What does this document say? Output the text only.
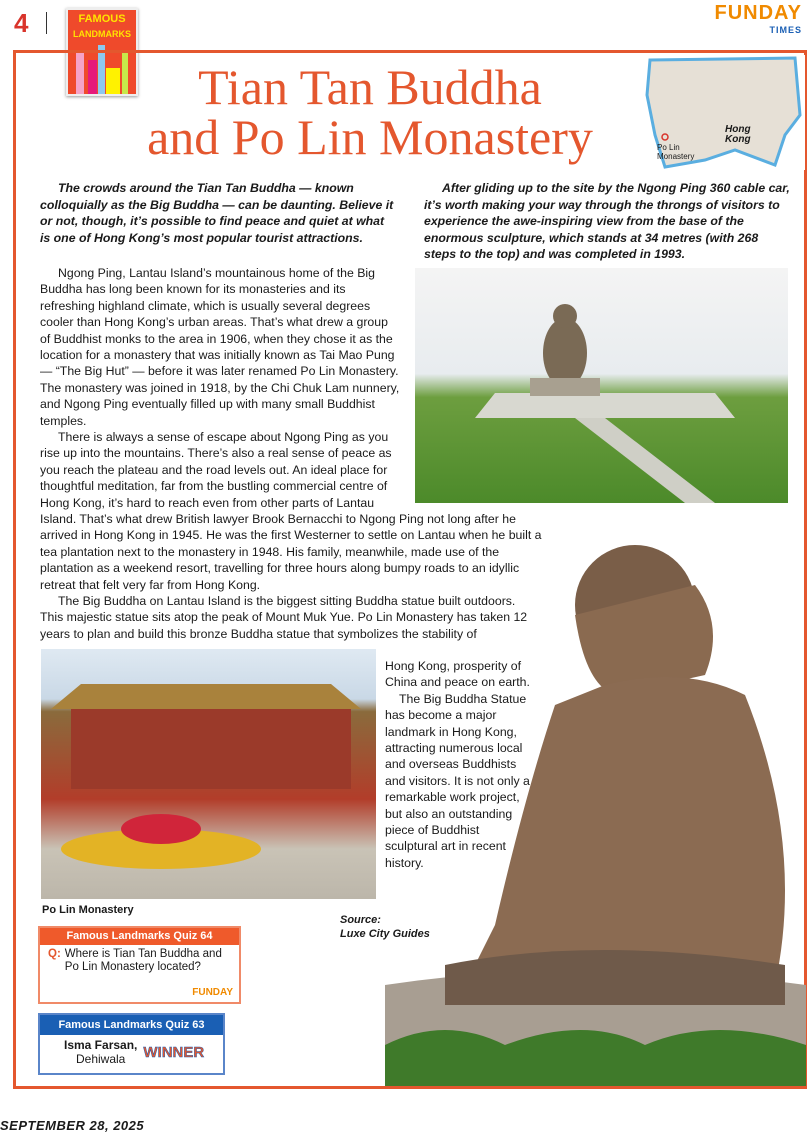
4	FAMOUS
LANDMARKS
FUNDAY
TIMES
Tian Tan Buddha
and Po Lin Monastery	Hong Kong
Po Lin Monastery

The crowds around the Tian Tan Buddha — known colloquially as the Big Buddha — can be daunting. Believe it or not, though, it’s possible to find peace and quiet at what is one of Hong Kong’s most popular tourist attractions.

After gliding up to the site by the Ngong Ping 360 cable car, it’s worth making your way through the throngs of visitors to experience the awe-inspiring view from the base of the enormous sculpture, which stands at 34 metres (with 268 steps to the top) and was completed in 1993.

Ngong Ping, Lantau Island’s mountainous home of the Big Buddha has long been known for its monasteries and its refreshing highland climate, which is usually several degrees cooler than Hong Kong’s urban areas. That’s what drew a group of Buddhist monks to the area in 1906, when they chose it as the location for a monastery that was initially known as Tai Mao Pung — “The Big Hut” — before it was later renamed Po Lin Monastery. The monastery was joined in 1918, by the Chi Chuk Lam nunnery, and Ngong Ping eventually filled up with many small Buddhist temples.

There is always a sense of escape about Ngong Ping as you rise up into the mountains. There’s also a real sense of peace as you reach the plateau and the road levels out. An ideal place for thoughtful meditation, far from the bustling commercial centre of Hong Kong, it’s hard to reach even from other parts of Lantau

Island. That’s what drew British lawyer Brook Bernacchi to Ngong Ping not long after he arrived in Hong Kong in 1945. He was the first Westerner to settle on Lantau when he built a tea plantation next to the monastery in 1948. His family, meanwhile, made use of the plantation as a weekend resort, travelling for three hours along bumpy roads to an idyllic retreat that felt very far from Hong Kong.

The Big Buddha on Lantau Island is the biggest sitting Buddha statue built outdoors. This majestic statue sits atop the peak of Mount Muk Yue. Po Lin Monastery has taken 12 years to plan and build this bronze Buddha statue that symbolizes the stability of

Hong Kong, prosperity of China and peace on earth.

The Big Buddha Statue has become a major landmark in Hong Kong, attracting numerous local and overseas Buddhists and visitors. It is not only a remarkable work project, but also an outstanding piece of Buddhist sculptural art in recent history.

Po Lin Monastery
Source:
Luxe City Guides
Famous Landmarks Quiz 64
Q: Where is Tian Tan Buddha and Po Lin Monastery located?
FUNDAY
Famous Landmarks Quiz 63
Isma Farsan,
Dehiwala	WINNER
SEPTEMBER 28, 2025
